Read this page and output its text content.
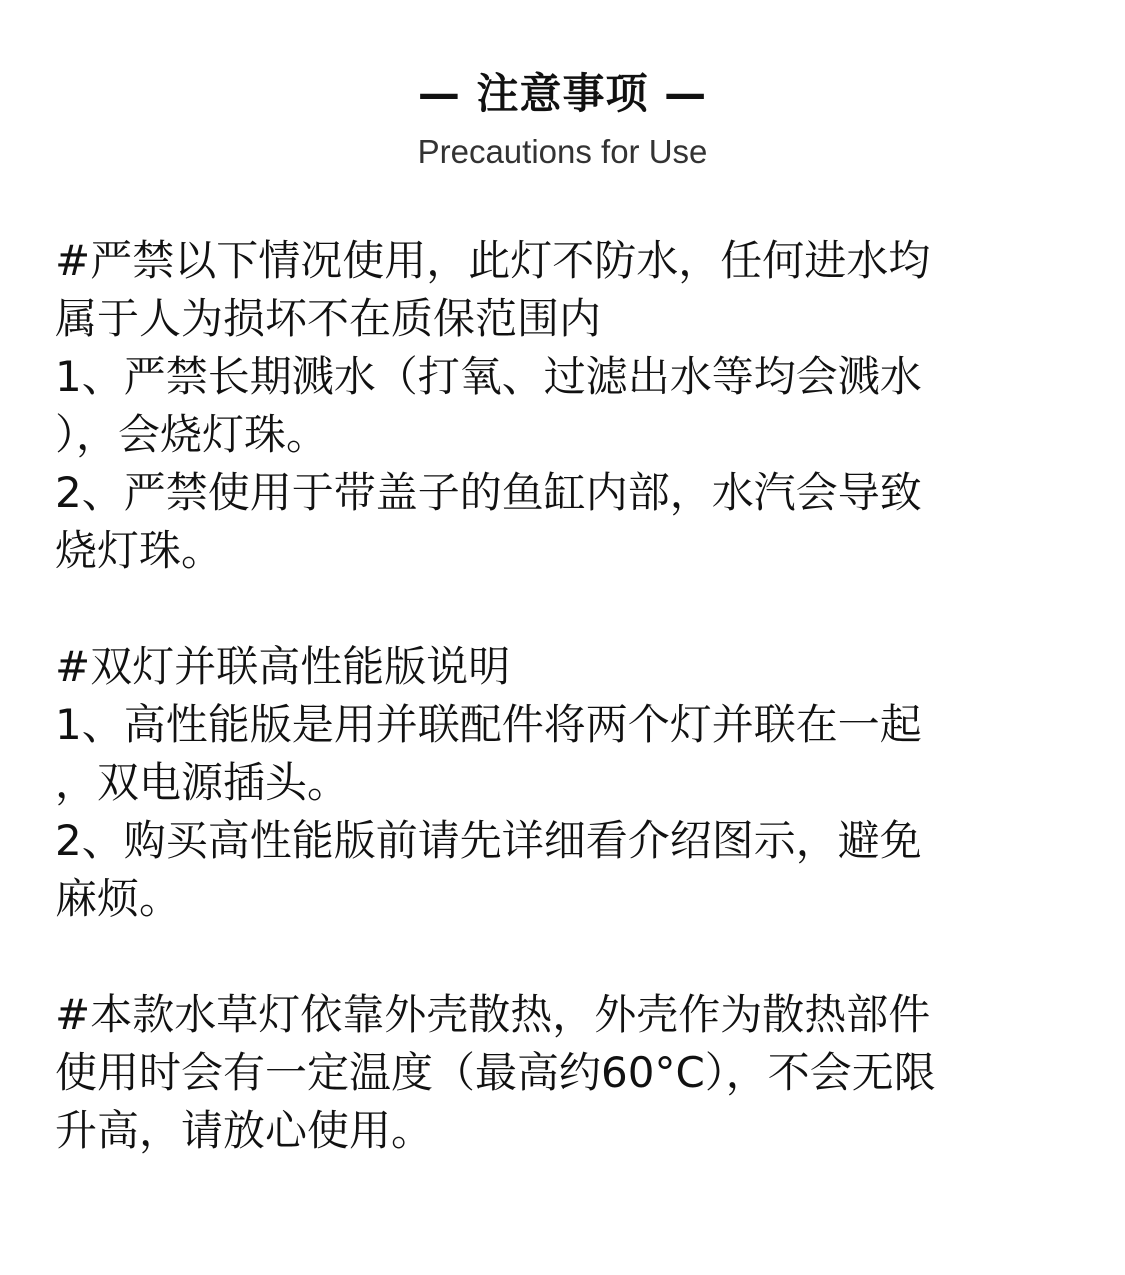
— 注意事项 —
Precautions for Use
#严禁以下情况使用，此灯不防水，任何进水均
属于人为损坏不在质保范围内
1、严禁长期溅水（打氧、过滤出水等均会溅水
），会烧灯珠。
2、严禁使用于带盖子的鱼缸内部，水汽会导致
烧灯珠。
#双灯并联高性能版说明
1、高性能版是用并联配件将两个灯并联在一起
，双电源插头。
2、购买高性能版前请先详细看介绍图示，避免
麻烦。
#本款水草灯依靠外壳散热，外壳作为散热部件
使用时会有一定温度（最高约60°C），不会无限
升高，请放心使用。
